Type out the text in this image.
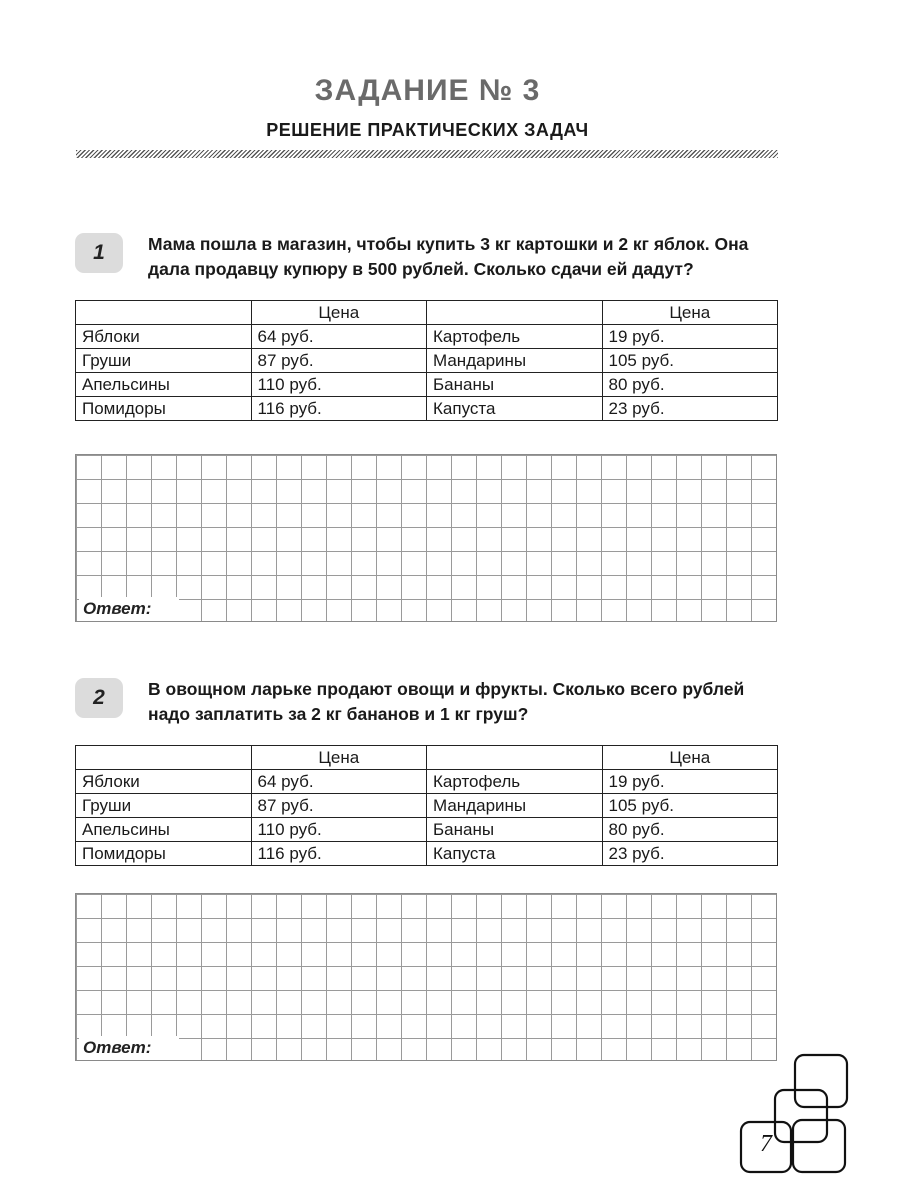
ЗАДАНИЕ № 3
РЕШЕНИЕ ПРАКТИЧЕСКИХ ЗАДАЧ
1	Мама пошла в магазин, чтобы купить 3 кг картошки и 2 кг яблок. Она дала продавцу купюру в 500 рублей. Сколько сдачи ей дадут?
	Цена		Цена
Яблоки	64 руб.	Картофель	19 руб.
Груши	87 руб.	Мандарины	105 руб.
Апельсины	110 руб.	Бананы	80 руб.
Помидоры	116 руб.	Капуста	23 руб.
Ответ:
2	В овощном ларьке продают овощи и фрукты. Сколько всего рублей надо заплатить за 2 кг бананов и 1 кг груш?
	Цена		Цена
Яблоки	64 руб.	Картофель	19 руб.
Груши	87 руб.	Мандарины	105 руб.
Апельсины	110 руб.	Бананы	80 руб.
Помидоры	116 руб.	Капуста	23 руб.
Ответ:
7
